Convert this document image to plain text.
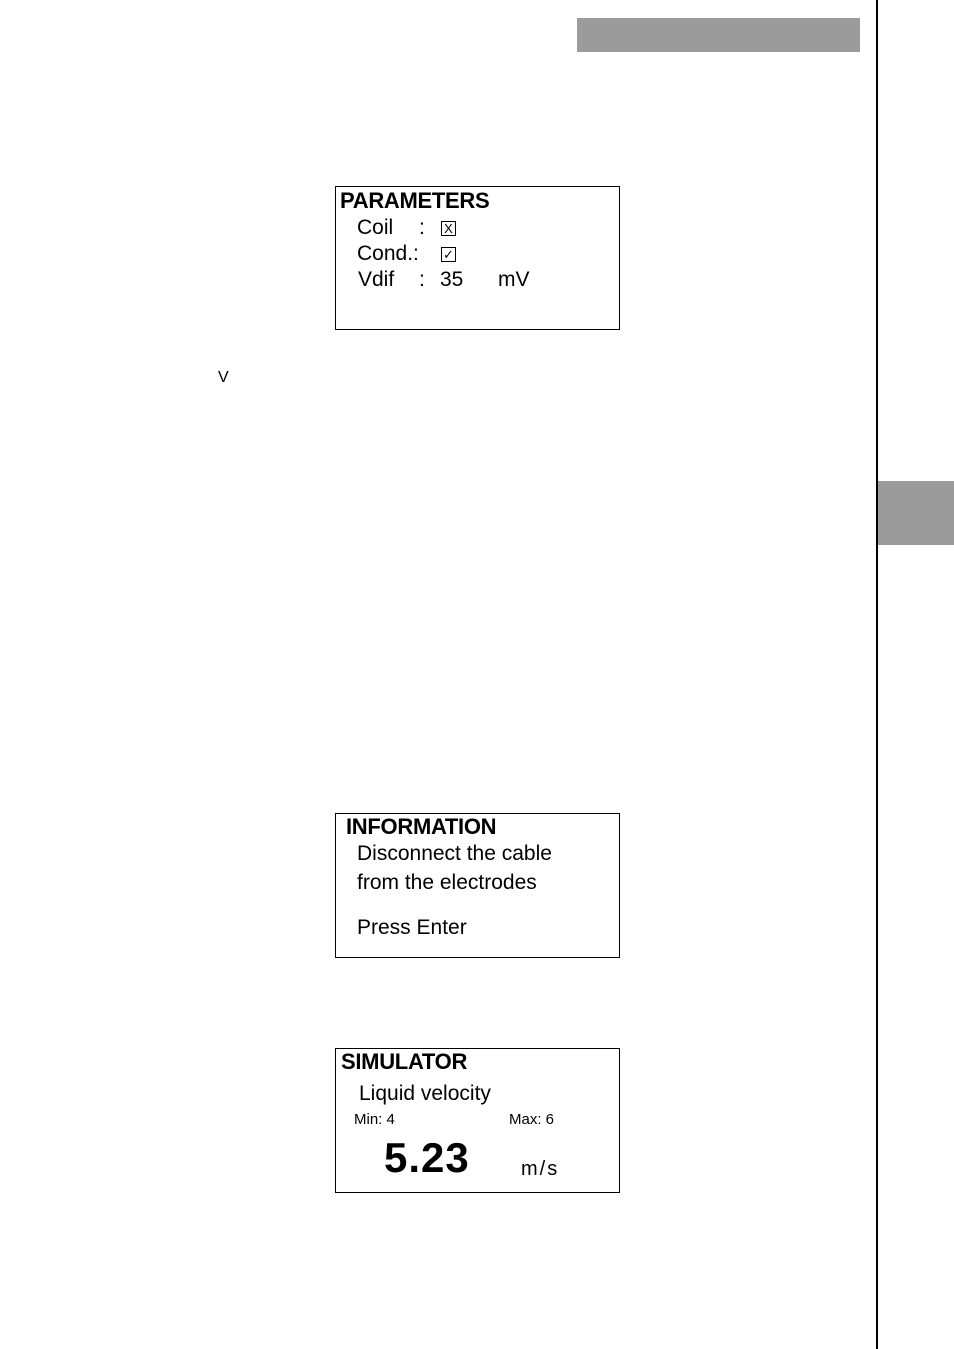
V
PARAMETERS
Coil : X
Cond.: ✓
Vdif : 35 mV
INFORMATION
Disconnect the cable
from the electrodes
Press Enter
SIMULATOR
Liquid velocity
Min: 4	Max: 6
5.23	m/s
